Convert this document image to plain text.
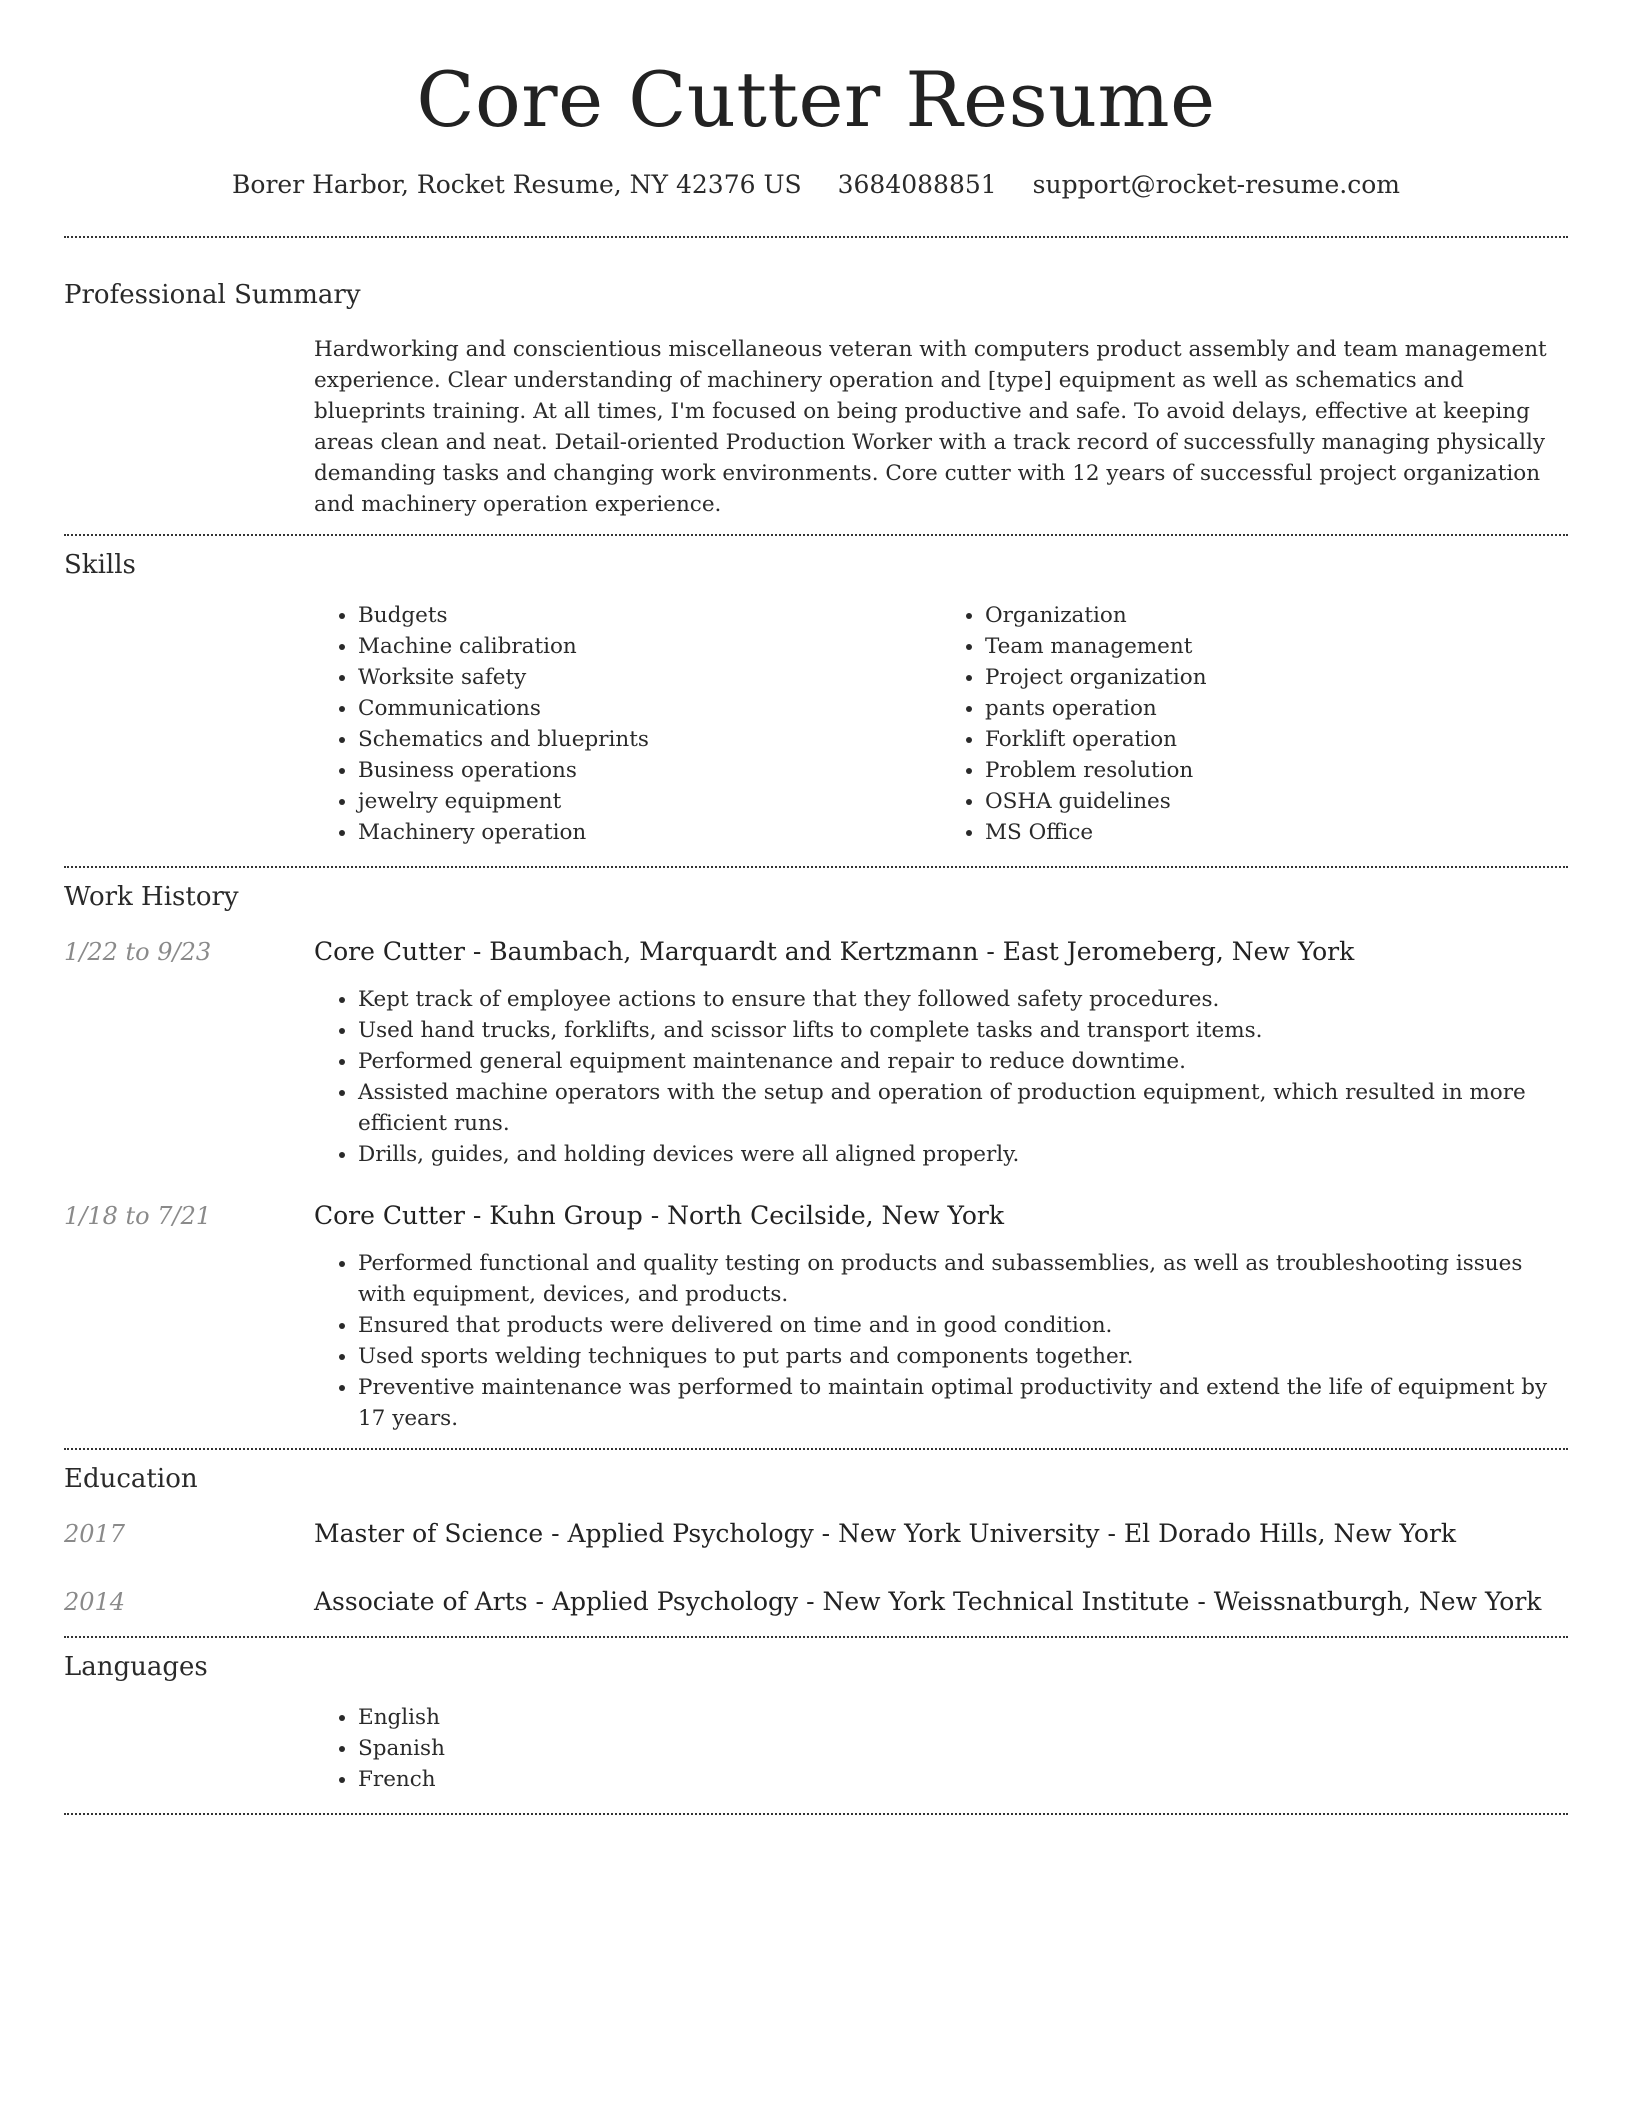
Core Cutter Resume
Borer Harbor, Rocket Resume, NY 42376 US 3684088851 support@rocket-resume.com
Professional Summary

Hardworking and conscientious miscellaneous veteran with computers product assembly and team management experience. Clear understanding of machinery operation and [type] equipment as well as schematics and blueprints training. At all times, I'm focused on being productive and safe. To avoid delays, effective at keeping areas clean and neat. Detail-oriented Production Worker with a track record of successfully managing physically demanding tasks and changing work environments. Core cutter with 12 years of successful project organization and machinery operation experience.

Skills
• Budgets
• Machine calibration
• Worksite safety
• Communications
• Schematics and blueprints
• Business operations
• jewelry equipment
• Machinery operation
• Organization
• Team management
• Project organization
• pants operation
• Forklift operation
• Problem resolution
• OSHA guidelines
• MS Office
Work History
1/22 to 9/23	Core Cutter - Baumbach, Marquardt and Kertzmann - East Jeromeberg, New York
• Kept track of employee actions to ensure that they followed safety procedures.
• Used hand trucks, forklifts, and scissor lifts to complete tasks and transport items.
• Performed general equipment maintenance and repair to reduce downtime.
• Assisted machine operators with the setup and operation of production equipment, which resulted in more efficient runs.
• Drills, guides, and holding devices were all aligned properly.
1/18 to 7/21	Core Cutter - Kuhn Group - North Cecilside, New York
• Performed functional and quality testing on products and subassemblies, as well as troubleshooting issues with equipment, devices, and products.
• Ensured that products were delivered on time and in good condition.
• Used sports welding techniques to put parts and components together.
• Preventive maintenance was performed to maintain optimal productivity and extend the life of equipment by 17 years.
Education
2017	Master of Science - Applied Psychology - New York University - El Dorado Hills, New York
2014	Associate of Arts - Applied Psychology - New York Technical Institute - Weissnatburgh, New York
Languages
• English
• Spanish
• French
